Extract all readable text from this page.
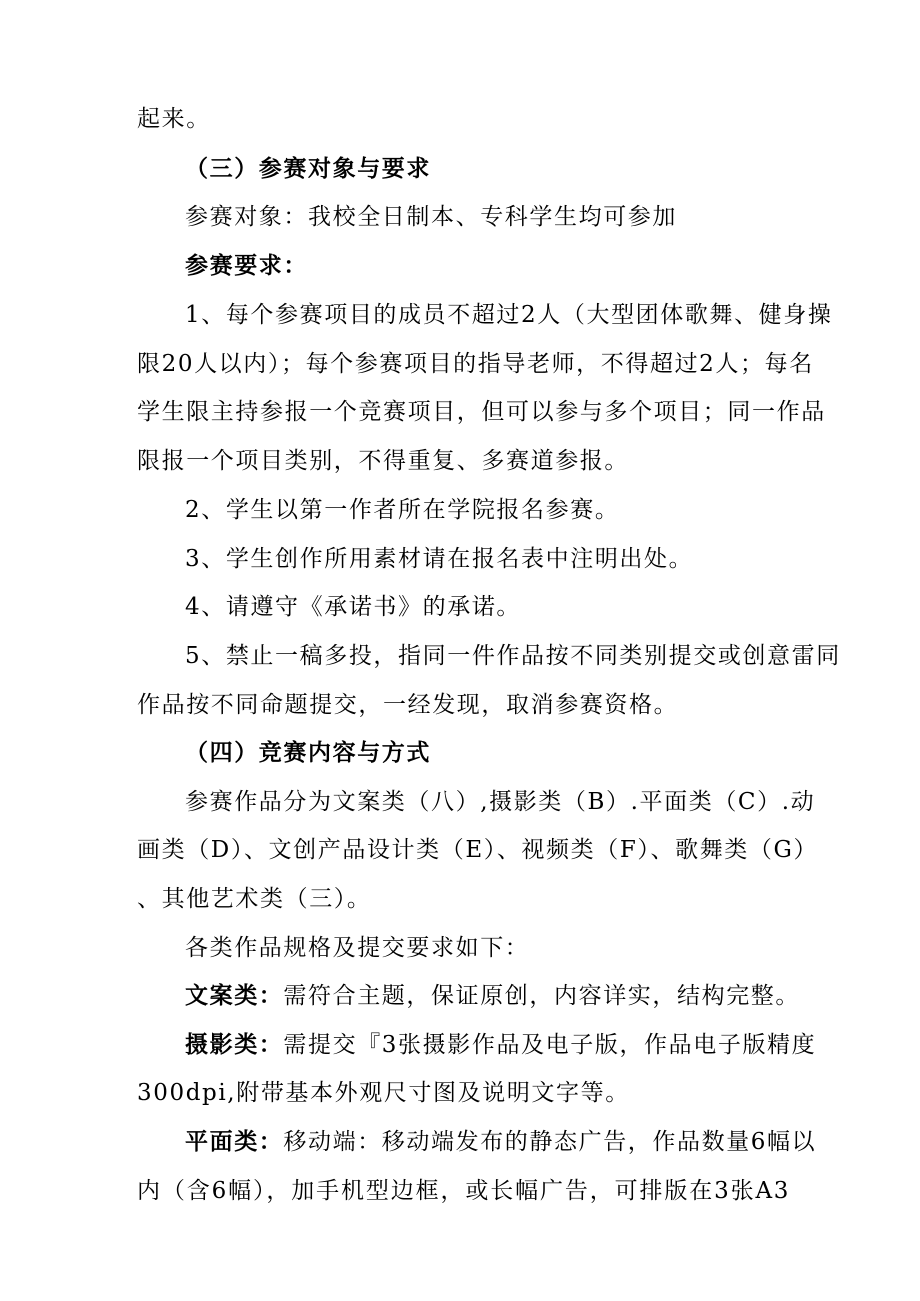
起来。
（三）参赛对象与要求
参赛对象：我校全日制本、专科学生均可参加
参赛要求：
1、每个参赛项目的成员不超过2人（大型团体歌舞、健身操
限20人以内）；每个参赛项目的指导老师，不得超过2人；每名
学生限主持参报一个竞赛项目，但可以参与多个项目；同一作品
限报一个项目类别，不得重复、多赛道参报。
2、学生以第一作者所在学院报名参赛。
3、学生创作所用素材请在报名表中注明出处。
4、请遵守《承诺书》的承诺。
5、禁止一稿多投，指同一件作品按不同类别提交或创意雷同
作品按不同命题提交，一经发现，取消参赛资格。
（四）竞赛内容与方式
参赛作品分为文案类（八）,摄影类（B）.平面类（C）.动
画类（D）、文创产品设计类（E）、视频类（F）、歌舞类（G）
、其他艺术类（三）。
各类作品规格及提交要求如下：
文案类：需符合主题，保证原创，内容详实，结构完整。
摄影类：需提交『3张摄影作品及电子版，作品电子版精度
300dpi,附带基本外观尺寸图及说明文字等。
平面类：移动端：移动端发布的静态广告，作品数量6幅以
内（含6幅），加手机型边框，或长幅广告，可排版在3张A3
